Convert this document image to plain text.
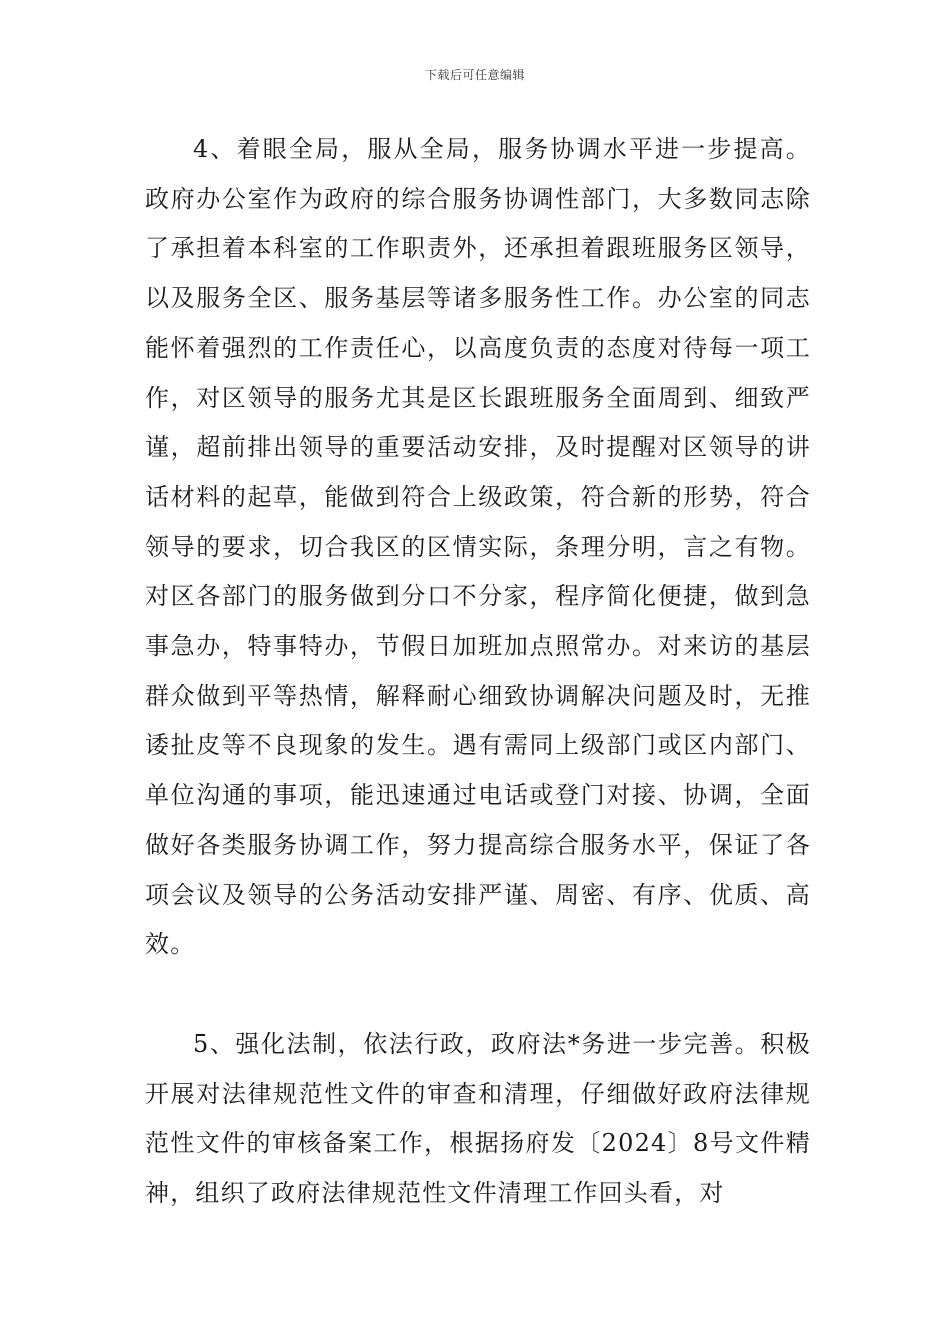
下载后可任意编辑

4、着眼全局，服从全局，服务协调水平进一步提高。政府办公室作为政府的综合服务协调性部门，大多数同志除了承担着本科室的工作职责外，还承担着跟班服务区领导，以及服务全区、服务基层等诸多服务性工作。办公室的同志能怀着强烈的工作责任心，以高度负责的态度对待每一项工作，对区领导的服务尤其是区长跟班服务全面周到、细致严谨，超前排出领导的重要活动安排，及时提醒对区领导的讲话材料的起草，能做到符合上级政策，符合新的形势，符合领导的要求，切合我区的区情实际，条理分明，言之有物。对区各部门的服务做到分口不分家，程序简化便捷，做到急事急办，特事特办，节假日加班加点照常办。对来访的基层群众做到平等热情，解释耐心细致协调解决问题及时，无推诿扯皮等不良现象的发生。遇有需同上级部门或区内部门、单位沟通的事项，能迅速通过电话或登门对接、协调，全面做好各类服务协调工作，努力提高综合服务水平，保证了各项会议及领导的公务活动安排严谨、周密、有序、优质、高效。

5、强化法制，依法行政，政府法*务进一步完善。积极开展对法律规范性文件的审查和清理，仔细做好政府法律规范性文件的审核备案工作，根据扬府发〔2024〕8号文件精神，组织了政府法律规范性文件清理工作回头看，对
